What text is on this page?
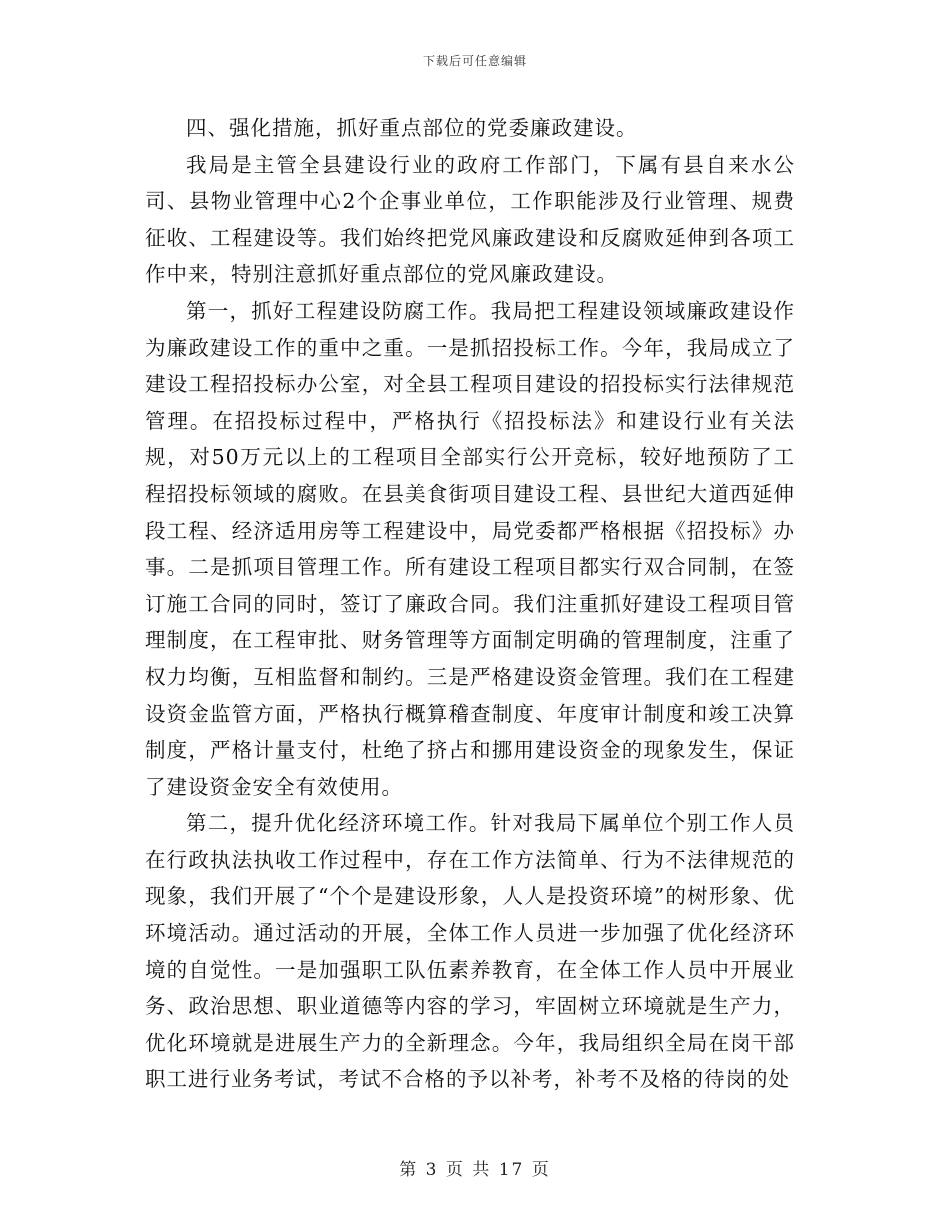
下载后可任意编辑

四、强化措施，抓好重点部位的党委廉政建设。

我局是主管全县建设行业的政府工作部门，下属有县自来水公司、县物业管理中心2个企事业单位，工作职能涉及行业管理、规费征收、工程建设等。我们始终把党风廉政建设和反腐败延伸到各项工作中来，特别注意抓好重点部位的党风廉政建设。

第一，抓好工程建设防腐工作。我局把工程建设领域廉政建设作为廉政建设工作的重中之重。一是抓招投标工作。今年，我局成立了建设工程招投标办公室，对全县工程项目建设的招投标实行法律规范管理。在招投标过程中，严格执行《招投标法》和建设行业有关法规，对50万元以上的工程项目全部实行公开竞标，较好地预防了工程招投标领域的腐败。在县美食街项目建设工程、县世纪大道西延伸段工程、经济适用房等工程建设中，局党委都严格根据《招投标》办事。二是抓项目管理工作。所有建设工程项目都实行双合同制，在签订施工合同的同时，签订了廉政合同。我们注重抓好建设工程项目管理制度，在工程审批、财务管理等方面制定明确的管理制度，注重了权力均衡，互相监督和制约。三是严格建设资金管理。我们在工程建设资金监管方面，严格执行概算稽查制度、年度审计制度和竣工决算制度，严格计量支付，杜绝了挤占和挪用建设资金的现象发生，保证了建设资金安全有效使用。

第二，提升优化经济环境工作。针对我局下属单位个别工作人员在行政执法执收工作过程中，存在工作方法简单、行为不法律规范的现象，我们开展了“个个是建设形象，人人是投资环境”的树形象、优环境活动。通过活动的开展，全体工作人员进一步加强了优化经济环境的自觉性。一是加强职工队伍素养教育，在全体工作人员中开展业务、政治思想、职业道德等内容的学习，牢固树立环境就是生产力，优化环境就是进展生产力的全新理念。今年，我局组织全局在岗干部职工进行业务考试，考试不合格的予以补考，补考不及格的待岗的处

第 3 页 共 17 页
